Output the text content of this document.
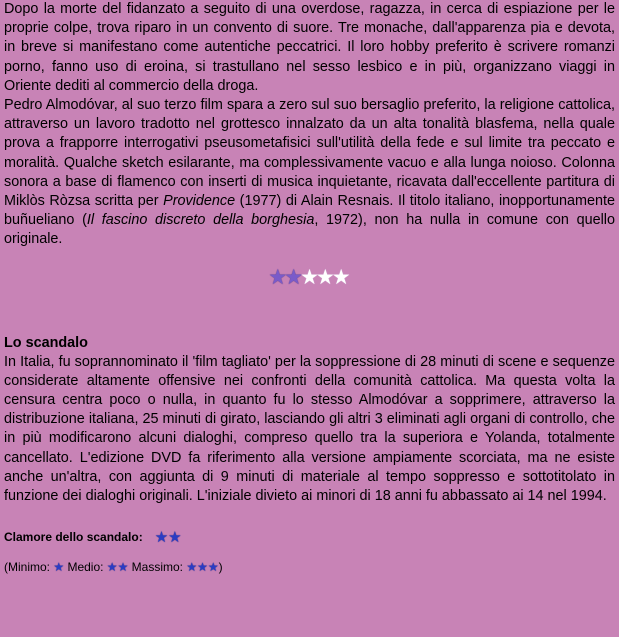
Dopo la morte del fidanzato a seguito di una overdose, ragazza, in cerca di espiazione per le proprie colpe, trova riparo in un convento di suore. Tre monache, dall'apparenza pia e devota, in breve si manifestano come autentiche peccatrici. Il loro hobby preferito è scrivere romanzi porno, fanno uso di eroina, si trastullano nel sesso lesbico e in più, organizzano viaggi in Oriente dediti al commercio della droga.

Pedro Almodóvar, al suo terzo film spara a zero sul suo bersaglio preferito, la religione cattolica, attraverso un lavoro tradotto nel grottesco innalzato da un alta tonalità blasfema, nella quale prova a frapporre interrogativi pseusometafisici sull'utilità della fede e sul limite tra peccato e moralità. Qualche sketch esilarante, ma complessivamente vacuo e alla lunga noioso. Colonna sonora a base di flamenco con inserti di musica inquietante, ricavata dall'eccellente partitura di Miklòs Ròzsa scritta per Providence (1977) di Alain Resnais. Il titolo italiano, inopportunamente buñueliano (Il fascino discreto della borghesia, 1972), non ha nulla in comune con quello originale.

★★★★★
Lo scandalo

In Italia, fu soprannominato il 'film tagliato' per la soppressione di 28 minuti di scene e sequenze considerate altamente offensive nei confronti della comunità cattolica. Ma questa volta la censura centra poco o nulla, in quanto fu lo stesso Almodóvar a sopprimere, attraverso la distribuzione italiana, 25 minuti di girato, lasciando gli altri 3 eliminati agli organi di controllo, che in più modificarono alcuni dialoghi, compreso quello tra la superiora e Yolanda, totalmente cancellato. L'edizione DVD fa riferimento alla versione ampiamente scorciata, ma ne esiste anche un'altra, con aggiunta di 9 minuti di materiale al tempo soppresso e sottotitolato in funzione dei dialoghi originali. L'iniziale divieto ai minori di 18 anni fu abbassato ai 14 nel 1994.

Clamore dello scandalo: ★ ★
(Minimo: ★ Medio: ★★ Massimo: ★★★)
